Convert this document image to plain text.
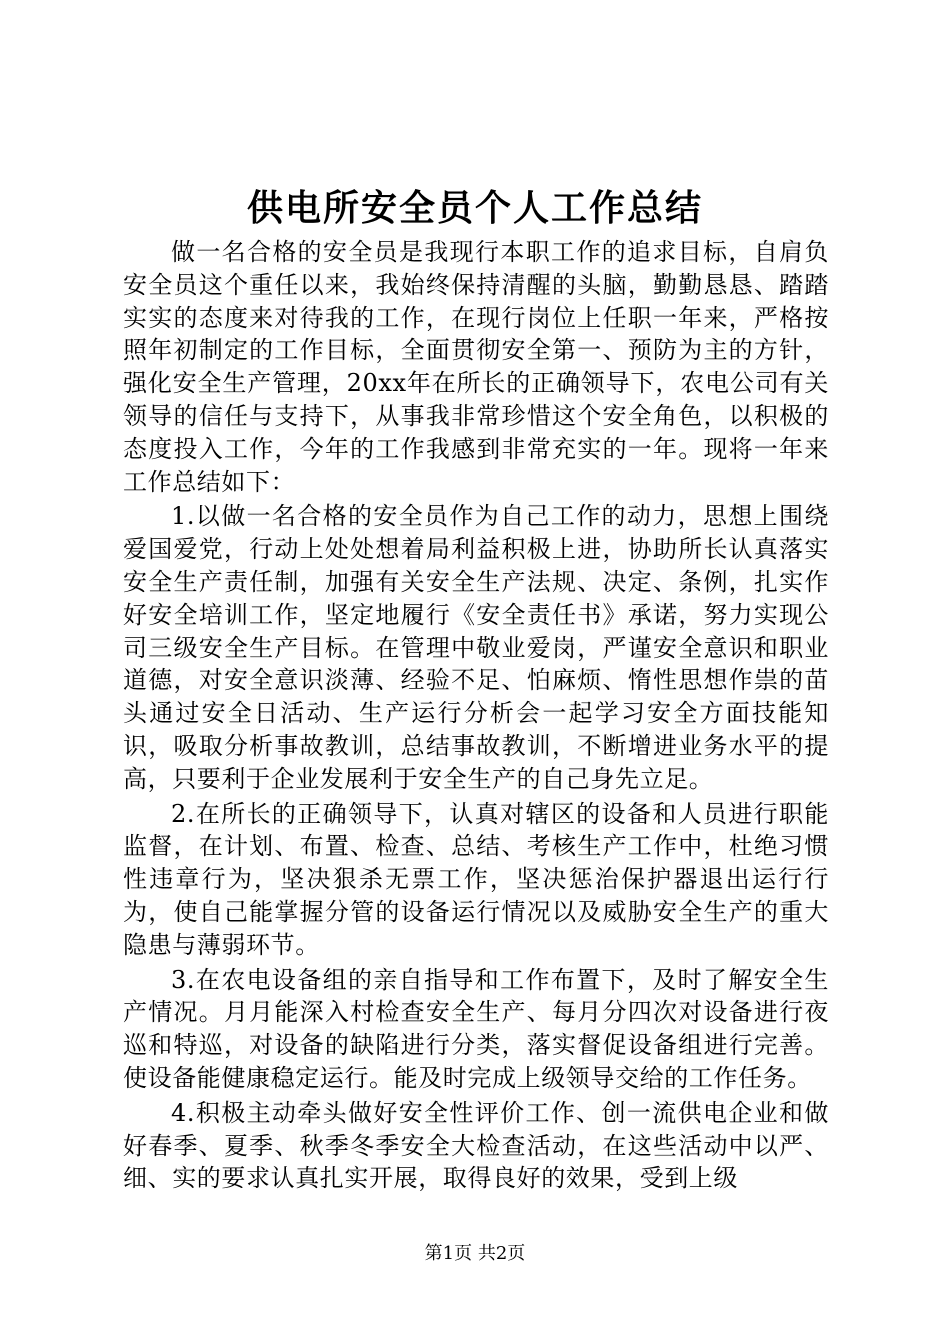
供电所安全员个人工作总结

做一名合格的安全员是我现行本职工作的追求目标，自肩负安全员这个重任以来，我始终保持清醒的头脑，勤勤恳恳、踏踏实实的态度来对待我的工作，在现行岗位上任职一年来，严格按照年初制定的工作目标，全面贯彻安全第一、预防为主的方针，强化安全生产管理，20xx年在所长的正确领导下，农电公司有关领导的信任与支持下，从事我非常珍惜这个安全角色，以积极的态度投入工作，今年的工作我感到非常充实的一年。现将一年来工作总结如下：

1.以做一名合格的安全员作为自己工作的动力，思想上围绕爱国爱党，行动上处处想着局利益积极上进，协助所长认真落实安全生产责任制，加强有关安全生产法规、决定、条例，扎实作好安全培训工作，坚定地履行《安全责任书》承诺，努力实现公司三级安全生产目标。在管理中敬业爱岗，严谨安全意识和职业道德，对安全意识淡薄、经验不足、怕麻烦、惰性思想作祟的苗头通过安全日活动、生产运行分析会一起学习安全方面技能知识，吸取分析事故教训，总结事故教训，不断增进业务水平的提高，只要利于企业发展利于安全生产的自己身先立足。

2.在所长的正确领导下，认真对辖区的设备和人员进行职能监督，在计划、布置、检查、总结、考核生产工作中，杜绝习惯性违章行为，坚决狠杀无票工作，坚决惩治保护器退出运行行为，使自己能掌握分管的设备运行情况以及威胁安全生产的重大隐患与薄弱环节。

3.在农电设备组的亲自指导和工作布置下，及时了解安全生产情况。月月能深入村检查安全生产、每月分四次对设备进行夜巡和特巡，对设备的缺陷进行分类，落实督促设备组进行完善。使设备能健康稳定运行。能及时完成上级领导交给的工作任务。

4.积极主动牵头做好安全性评价工作、创一流供电企业和做好春季、夏季、秋季冬季安全大检查活动，在这些活动中以严、细、实的要求认真扎实开展，取得良好的效果，受到上级

第1页 共2页
